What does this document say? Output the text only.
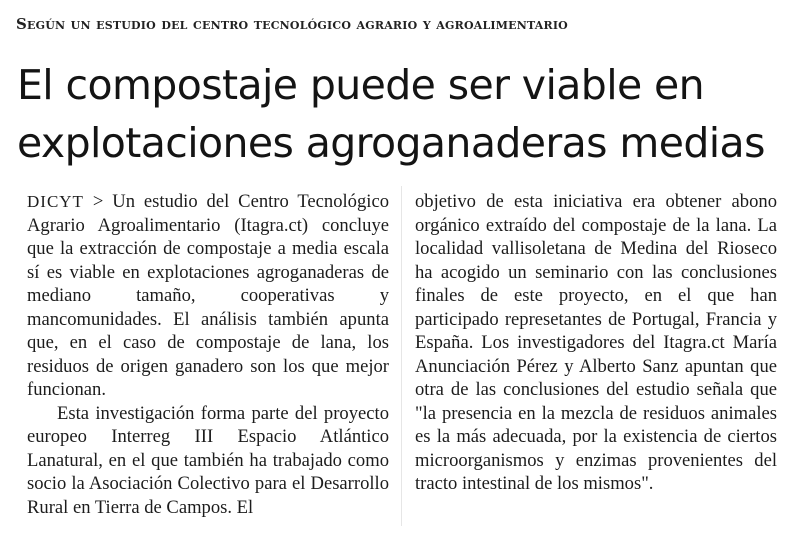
Según un estudio del centro tecnológico agrario y agroalimentario
El compostaje puede ser viable en explotaciones agroganaderas medias

DICYT > Un estudio del Centro Tecnológico Agrario Agroalimentario (Itagra.ct) concluye que la extracción de compostaje a media escala sí es viable en explotaciones agroganaderas de mediano tamaño, cooperativas y mancomunidades. El análisis también apunta que, en el caso de compostaje de lana, los residuos de origen ganadero son los que mejor funcionan.

Esta investigación forma parte del proyecto europeo Interreg III Espacio Atlántico Lanatural, en el que también ha trabajado como socio la Asociación Colectivo para el Desarrollo Rural en Tierra de Campos. El

objetivo de esta iniciativa era obtener abono orgánico extraído del compostaje de la lana. La localidad vallisoletana de Medina del Rioseco ha acogido un seminario con las conclusiones finales de este proyecto, en el que han participado represetantes de Portugal, Francia y España. Los investigadores del Itagra.ct María Anunciación Pérez y Alberto Sanz apuntan que otra de las conclusiones del estudio señala que "la presencia en la mezcla de residuos animales es la más adecuada, por la existencia de ciertos microorganismos y enzimas provenientes del tracto intestinal de los mismos".
